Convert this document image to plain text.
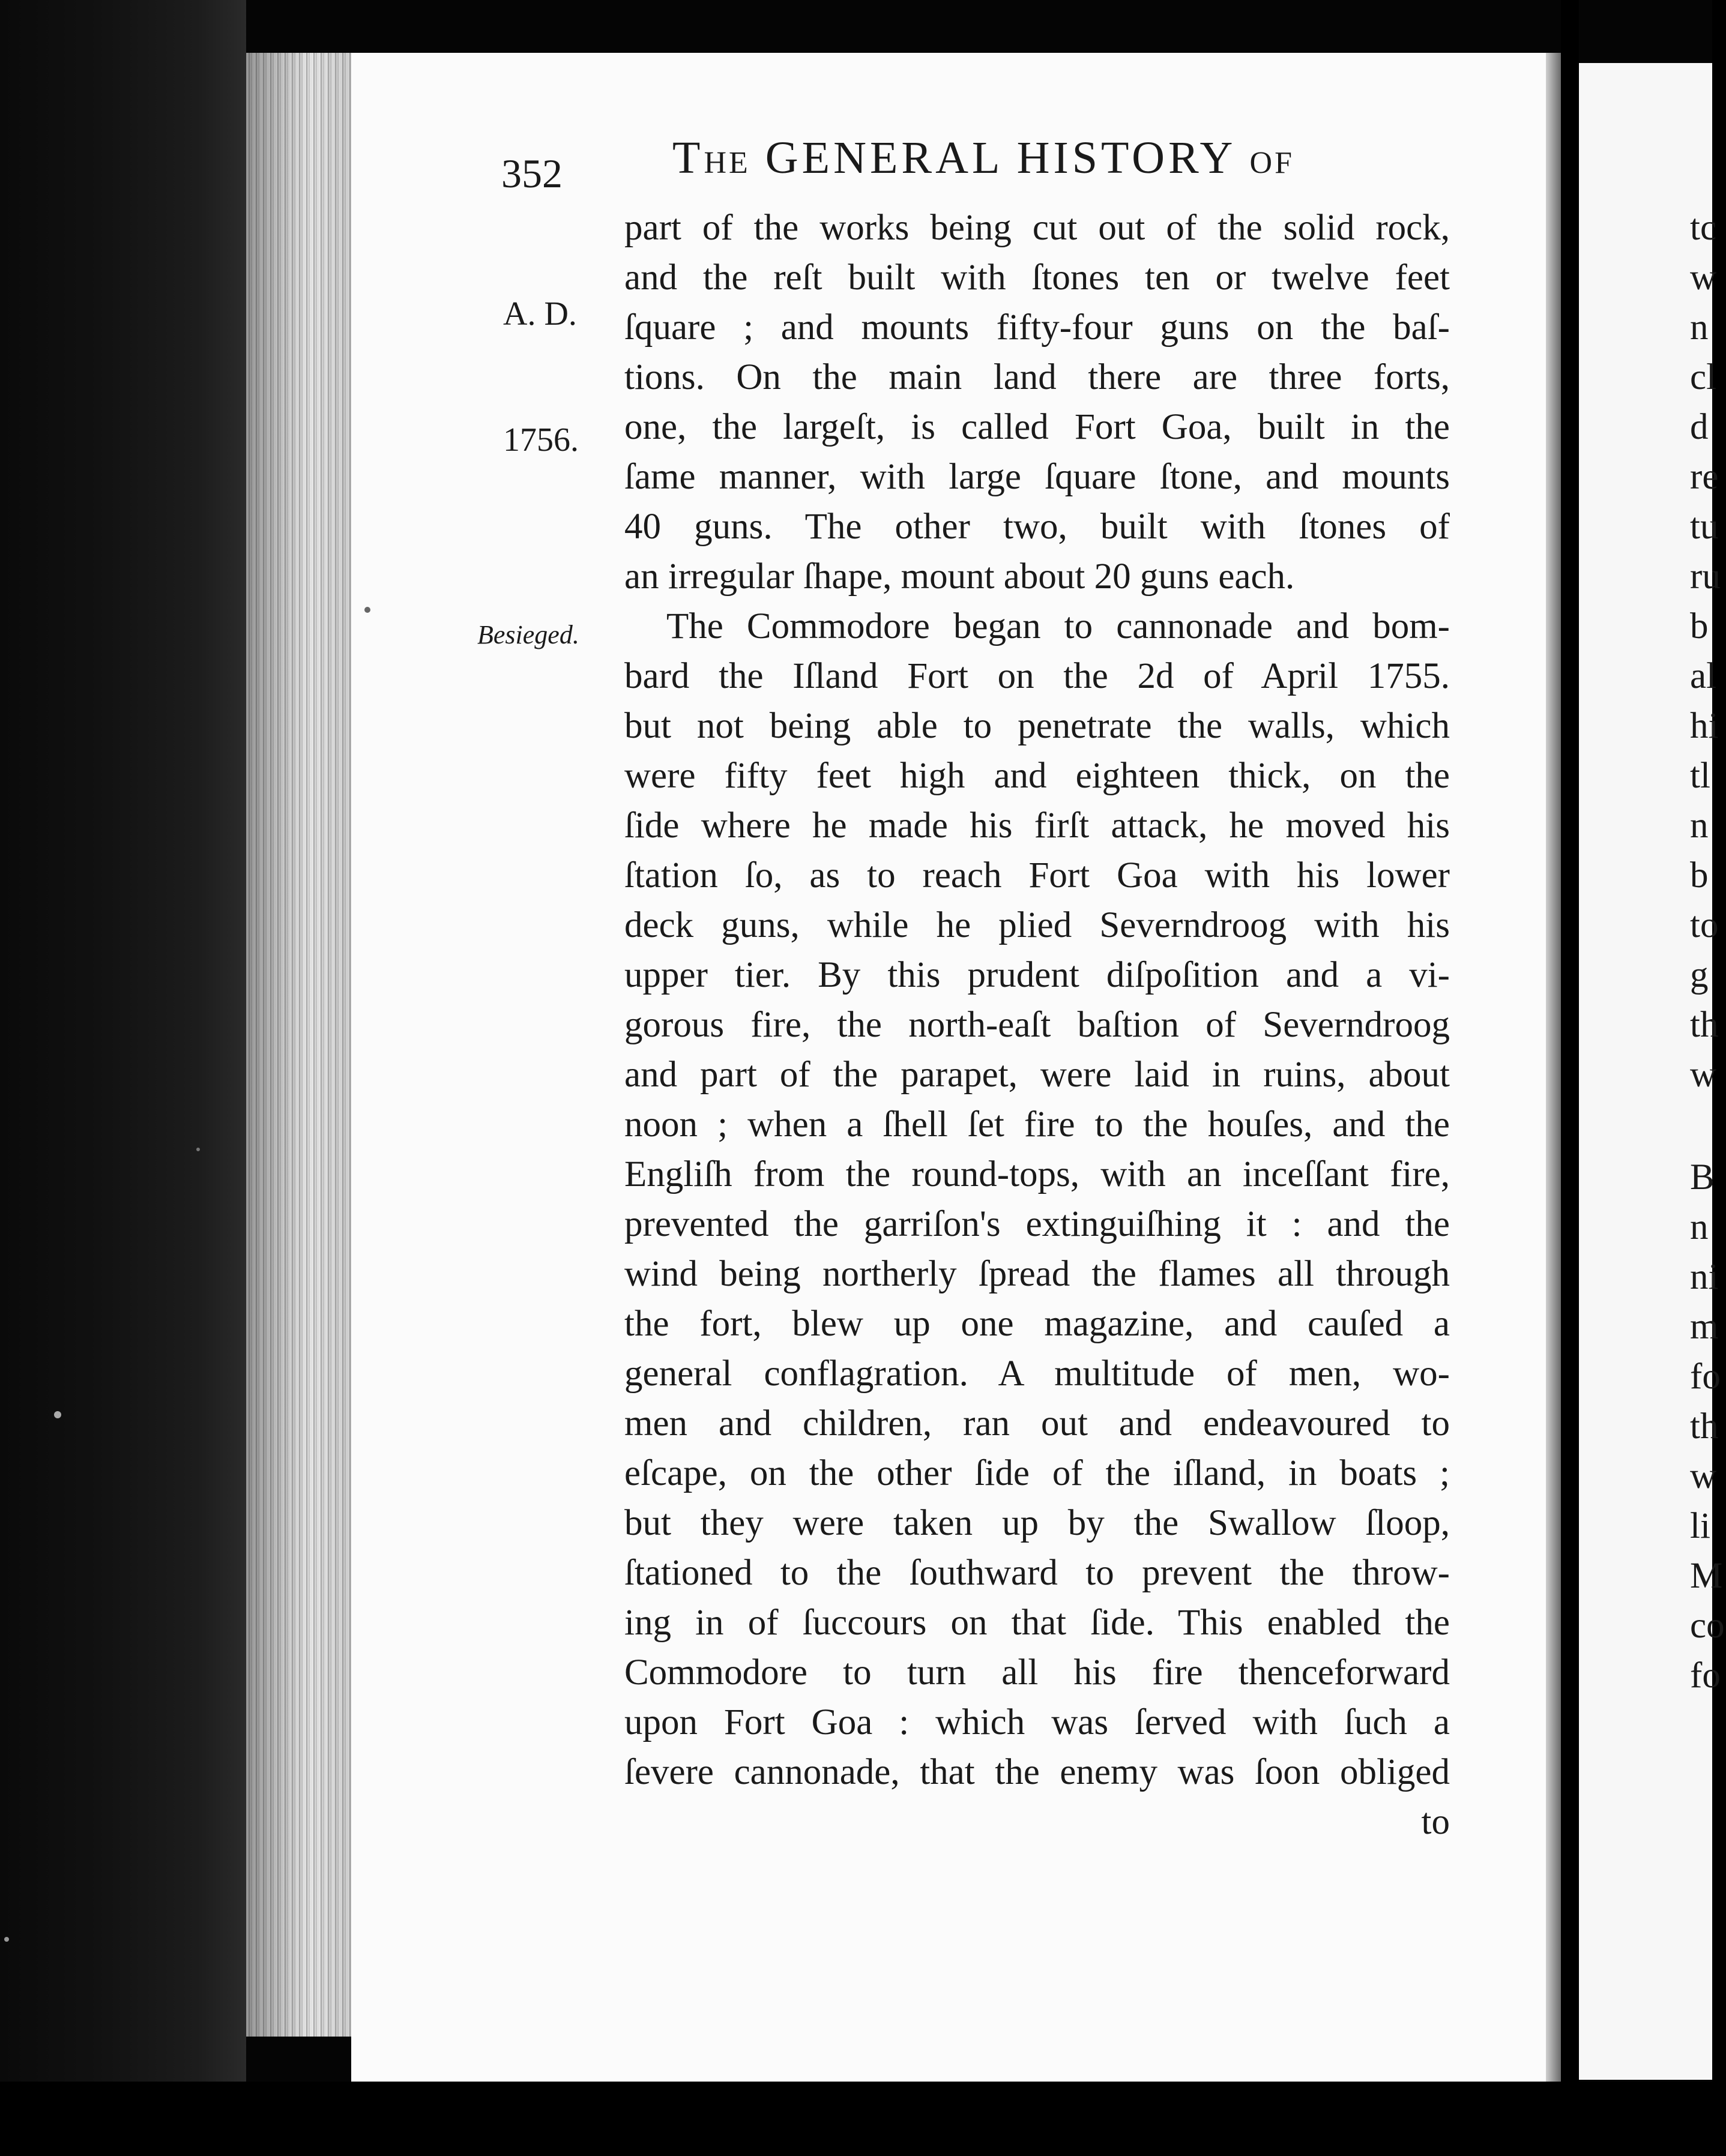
352 THE GENERAL HISTORY OF

A. D.

1756.

Besieged.
part of the works being cut out of the solid rock,
and the reſt built with ſtones ten or twelve feet
ſquare ; and mounts fifty-four guns on the baſ-
tions. On the main land there are three forts,
one, the largeſt, is called Fort Goa, built in the
ſame manner, with large ſquare ſtone, and mounts
40 guns. The other two, built with ſtones of
an irregular ſhape, mount about 20 guns each.
The Commodore began to cannonade and bom-
bard the Iſland Fort on the 2d of April 1755.
but not being able to penetrate the walls, which
were fifty feet high and eighteen thick, on the
ſide where he made his firſt attack, he moved his
ſtation ſo, as to reach Fort Goa with his lower
deck guns, while he plied Severndroog with his
upper tier. By this prudent diſpoſition and a vi-
gorous fire, the north-eaſt baſtion of Severndroog
and part of the parapet, were laid in ruins, about
noon ; when a ſhell ſet fire to the houſes, and the
Engliſh from the round-tops, with an inceſſant fire,
prevented the garriſon's extinguiſhing it : and the
wind being northerly ſpread the flames all through
the fort, blew up one magazine, and cauſed a
general conflagration. A multitude of men, wo-
men and children, ran out and endeavoured to
eſcape, on the other ſide of the iſland, in boats ;
but they were taken up by the Swallow ſloop,
ſtationed to the ſouthward to prevent the throw-
ing in of ſuccours on that ſide. This enabled the
Commodore to turn all his fire thenceforward
upon Fort Goa : which was ſerved with ſuch a
ſevere cannonade, that the enemy was ſoon obliged
to
tc
w
n
cl
d
re
tu
ru
b
al
hi
tl
n
b
to
g
th
w
B
n
ni
m
fo
th
w
li
M
co
fo
